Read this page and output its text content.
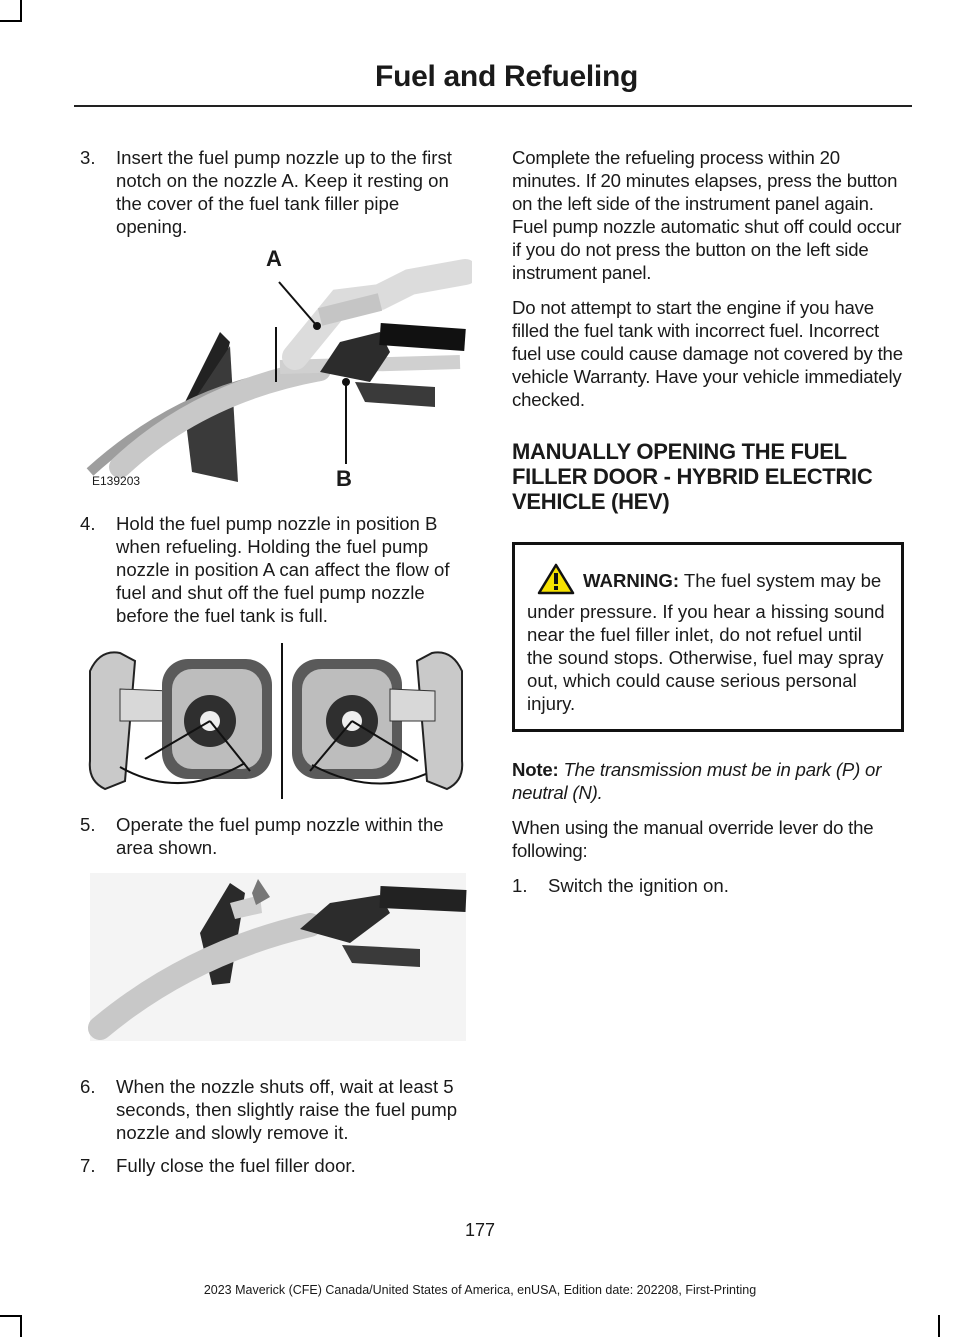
Fuel and Refueling

3. Insert the fuel pump nozzle up to the first notch on the nozzle A. Keep it resting on the cover of the fuel tank filler pipe opening.

A
B
E139203

4. Hold the fuel pump nozzle in position B when refueling. Holding the fuel pump nozzle in position A can affect the flow of fuel and shut off the fuel pump nozzle before the fuel tank is full.

5. Operate the fuel pump nozzle within the area shown.

6. When the nozzle shuts off, wait at least 5 seconds, then slightly raise the fuel pump nozzle and slowly remove it.

7. Fully close the fuel filler door.

Complete the refueling process within 20 minutes. If 20 minutes elapses, press the button on the left side of the instrument panel again. Fuel pump nozzle automatic shut off could occur if you do not press the button on the left side instrument panel.

Do not attempt to start the engine if you have filled the fuel tank with incorrect fuel. Incorrect fuel use could cause damage not covered by the vehicle Warranty. Have your vehicle immediately checked.

MANUALLY OPENING THE FUEL FILLER DOOR - HYBRID ELECTRIC VEHICLE (HEV)
WARNING: The fuel system may be under pressure. If you hear a hissing sound near the fuel filler inlet, do not refuel until the sound stops. Otherwise, fuel may spray out, which could cause serious personal injury.

Note: The transmission must be in park (P) or neutral (N).

When using the manual override lever do the following:

1. Switch the ignition on.

177
2023 Maverick (CFE) Canada/United States of America, enUSA, Edition date: 202208, First-Printing
